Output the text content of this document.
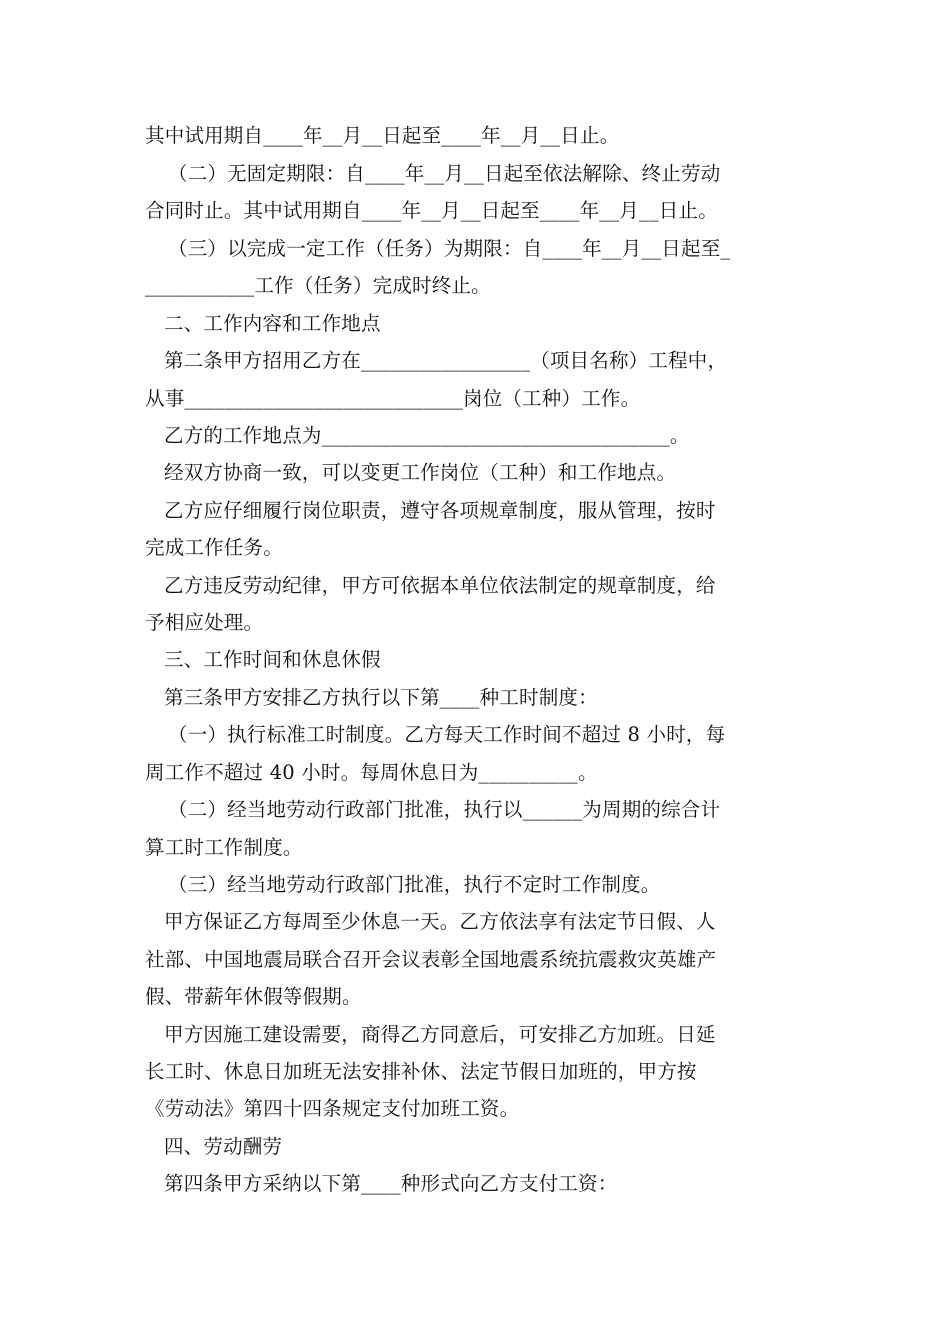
其中试用期自____年__月__日起至____年__月__日止。
（二）无固定期限：自____年__月__日起至依法解除、终止劳动
合同时止。其中试用期自____年__月__日起至____年__月__日止。
（三）以完成一定工作（任务）为期限：自____年__月__日起至_
___________工作（任务）完成时终止。
二、工作内容和工作地点
第二条甲方招用乙方在_________________（项目名称）工程中，
从事____________________________岗位（工种）工作。
乙方的工作地点为___________________________________。
经双方协商一致，可以变更工作岗位（工种）和工作地点。
乙方应仔细履行岗位职责，遵守各项规章制度，服从管理，按时
完成工作任务。
乙方违反劳动纪律，甲方可依据本单位依法制定的规章制度，给
予相应处理。
三、工作时间和休息休假
第三条甲方安排乙方执行以下第____种工时制度：
（一）执行标准工时制度。乙方每天工作时间不超过 8 小时，每
周工作不超过 40 小时。每周休息日为__________。
（二）经当地劳动行政部门批准，执行以______为周期的综合计
算工时工作制度。
（三）经当地劳动行政部门批准，执行不定时工作制度。
甲方保证乙方每周至少休息一天。乙方依法享有法定节日假、人
社部、中国地震局联合召开会议表彰全国地震系统抗震救灾英雄产
假、带薪年休假等假期。
甲方因施工建设需要，商得乙方同意后，可安排乙方加班。日延
长工时、休息日加班无法安排补休、法定节假日加班的，甲方按
《劳动法》第四十四条规定支付加班工资。
四、劳动酬劳
第四条甲方采纳以下第____种形式向乙方支付工资：
